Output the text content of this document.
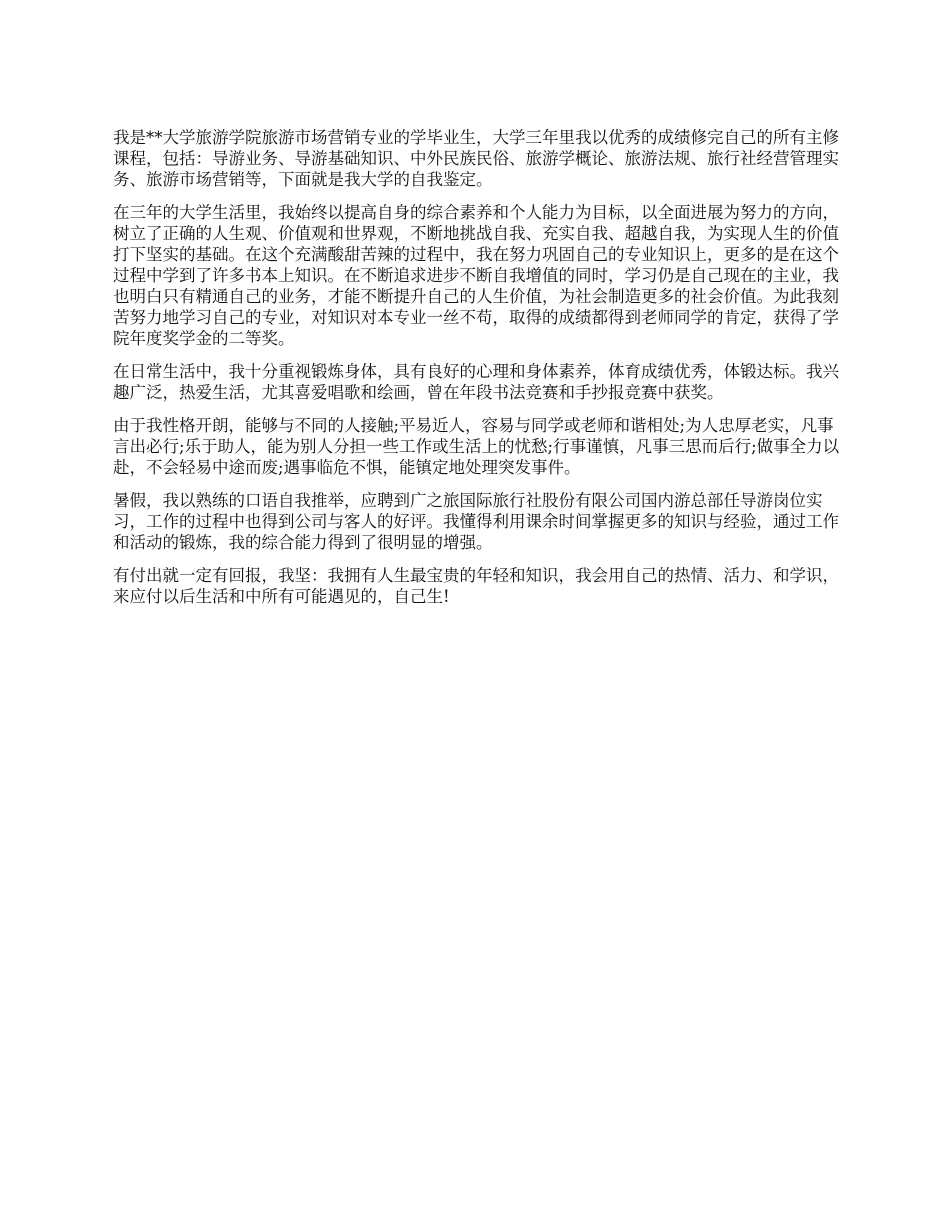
我是**大学旅游学院旅游市场营销专业的学毕业生，大学三年里我以优秀的成绩修完自己的所有主修课程，包括：导游业务、导游基础知识、中外民族民俗、旅游学概论、旅游法规、旅行社经营管理实务、旅游市场营销等，下面就是我大学的自我鉴定。

在三年的大学生活里，我始终以提高自身的综合素养和个人能力为目标，以全面进展为努力的方向，树立了正确的人生观、价值观和世界观，不断地挑战自我、充实自我、超越自我，为实现人生的价值打下坚实的基础。在这个充满酸甜苦辣的过程中，我在努力巩固自己的专业知识上，更多的是在这个过程中学到了许多书本上知识。在不断追求进步不断自我增值的同时，学习仍是自己现在的主业，我也明白只有精通自己的业务，才能不断提升自己的人生价值，为社会制造更多的社会价值。为此我刻苦努力地学习自己的专业，对知识对本专业一丝不苟，取得的成绩都得到老师同学的肯定，获得了学院年度奖学金的二等奖。

在日常生活中，我十分重视锻炼身体，具有良好的心理和身体素养，体育成绩优秀，体锻达标。我兴趣广泛，热爱生活，尤其喜爱唱歌和绘画，曾在年段书法竞赛和手抄报竞赛中获奖。

由于我性格开朗，能够与不同的人接触;平易近人，容易与同学或老师和谐相处;为人忠厚老实，凡事言出必行;乐于助人，能为别人分担一些工作或生活上的忧愁;行事谨慎，凡事三思而后行;做事全力以赴，不会轻易中途而废;遇事临危不惧，能镇定地处理突发事件。

暑假，我以熟练的口语自我推举，应聘到广之旅国际旅行社股份有限公司国内游总部任导游岗位实习，工作的过程中也得到公司与客人的好评。我懂得利用课余时间掌握更多的知识与经验，通过工作和活动的锻炼，我的综合能力得到了很明显的增强。

有付出就一定有回报，我坚：我拥有人生最宝贵的年轻和知识，我会用自己的热情、活力、和学识，来应付以后生活和中所有可能遇见的，自己生!
